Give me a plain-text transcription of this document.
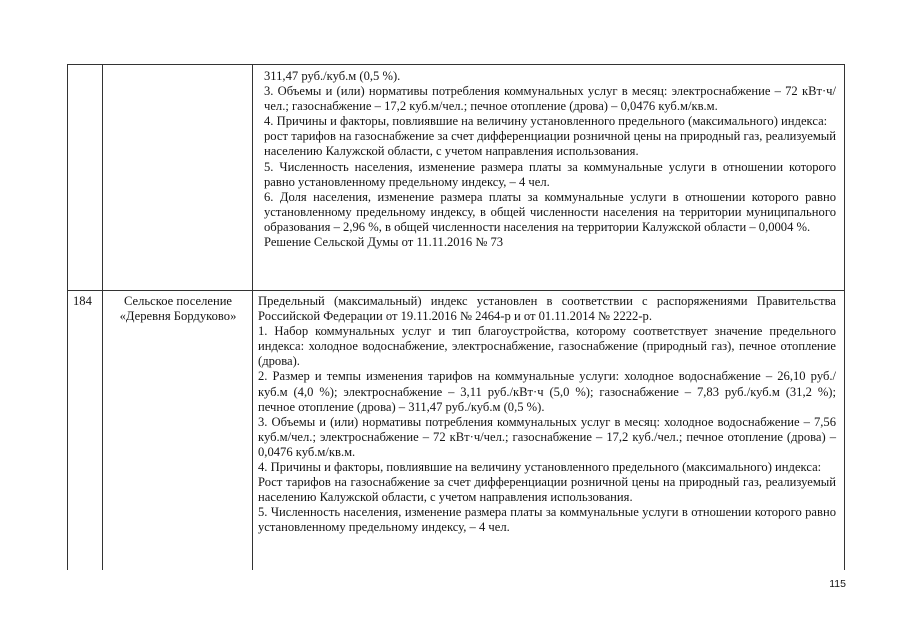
311,47 руб./куб.м (0,5 %).

3. Объемы и (или) нормативы потребления коммунальных услуг в месяц: электроснабжение – 72 кВт·ч/чел.; газоснабжение – 17,2 куб.м/чел.; печное отопление (дрова) – 0,0476 куб.м/кв.м.

4. Причины и факторы, повлиявшие на величину установленного предельного (максимального) индекса:

рост тарифов на газоснабжение за счет дифференциации розничной цены на природный газ, реализуемый населению Калужской области, с учетом направления использования.

5. Численность населения, изменение размера платы за коммунальные услуги в отношении которого равно установленному предельному индексу, – 4 чел.

6. Доля населения, изменение размера платы за коммунальные услуги в отношении которого равно установленному предельному индексу, в общей численности населения на территории муниципального образования – 2,96 %, в общей численности населения на территории Калужской области – 0,0004 %.

Решение Сельской Думы от 11.11.2016 № 73

184	Сельское поселение «Деревня Бордуково»

Предельный (максимальный) индекс установлен в соответствии с распоряжениями Правительства Российской Федерации от 19.11.2016 № 2464-р и от 01.11.2014 № 2222-р.

1. Набор коммунальных услуг и тип благоустройства, которому соответствует значение предельного индекса: холодное водоснабжение, электроснабжение, газоснабжение (природный газ), печное отопление (дрова).

2. Размер и темпы изменения тарифов на коммунальные услуги: холодное водоснабжение – 26,10 руб./куб.м (4,0 %); электроснабжение – 3,11 руб./кВт·ч (5,0 %); газоснабжение – 7,83 руб./куб.м (31,2 %); печное отопление (дрова) – 311,47 руб./куб.м (0,5 %).

3. Объемы и (или) нормативы потребления коммунальных услуг в месяц: холодное водоснабжение – 7,56 куб.м/чел.; электроснабжение – 72 кВт·ч/чел.; газоснабжение – 17,2 куб./чел.; печное отопление (дрова) – 0,0476 куб.м/кв.м.

4. Причины и факторы, повлиявшие на величину установленного предельного (максимального) индекса:

Рост тарифов на газоснабжение за счет дифференциации розничной цены на природный газ, реализуемый населению Калужской области, с учетом направления использования.

5. Численность населения, изменение размера платы за коммунальные услуги в отношении которого равно установленному предельному индексу, – 4 чел.

115
